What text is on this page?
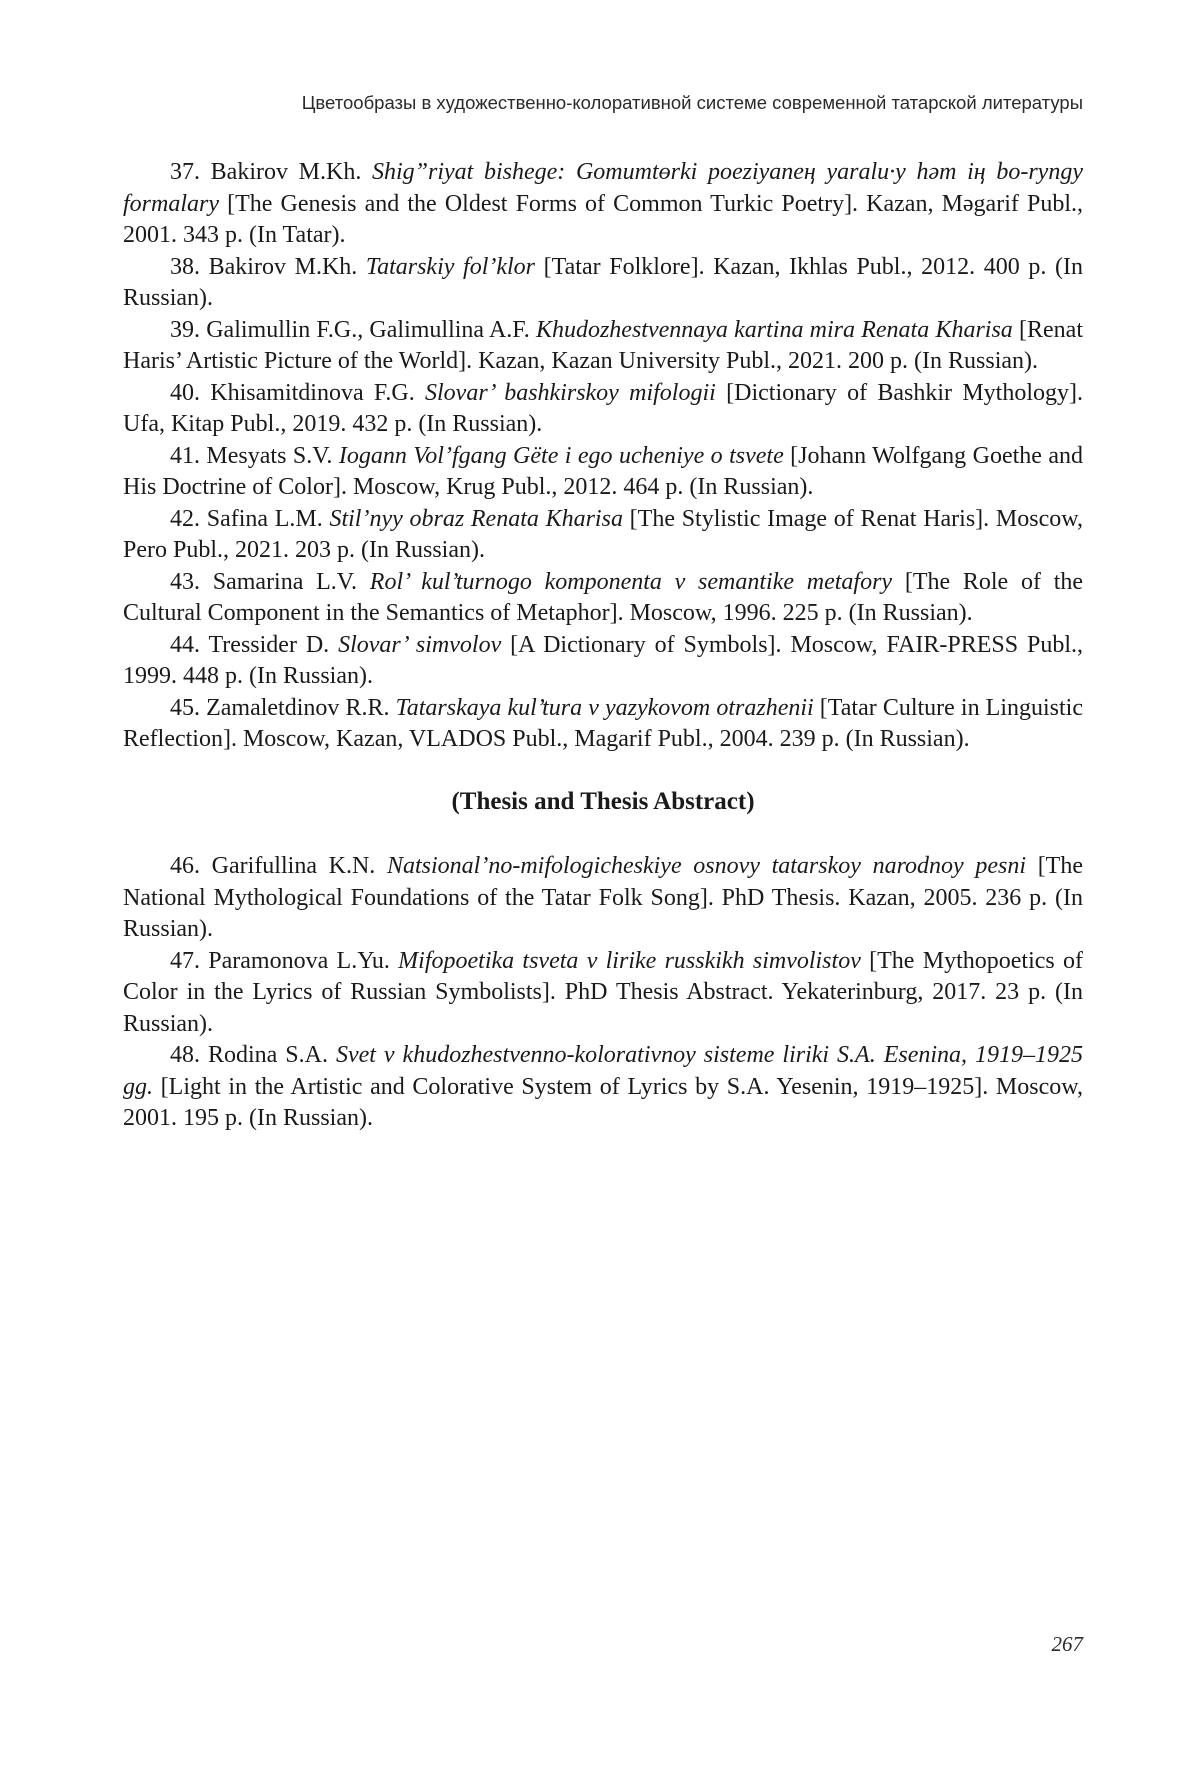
Цветообразы в художественно-колоративной системе современной татарской литературы

37. Bakirov M.Kh. Shig”riyat bishege: Gomumtөrki poeziyanең yaralu·y hәm iң bo-ryngy formalary [The Genesis and the Oldest Forms of Common Turkic Poetry]. Kazan, Mәgarif Publ., 2001. 343 p. (In Tatar).

38. Bakirov M.Kh. Tatarskiy fol’klor [Tatar Folklore]. Kazan, Ikhlas Publ., 2012. 400 p. (In Russian).

39. Galimullin F.G., Galimullina A.F. Khudozhestvennaya kartina mira Renata Kharisa [Renat Haris’ Artistic Picture of the World]. Kazan, Kazan University Publ., 2021. 200 p. (In Russian).

40. Khisamitdinova F.G. Slovar’ bashkirskoy mifologii [Dictionary of Bashkir Mythology]. Ufa, Kitap Publ., 2019. 432 p. (In Russian).

41. Mesyats S.V. Iogann Vol’fgang Gëte i ego ucheniye o tsvete [Johann Wolfgang Goethe and His Doctrine of Color]. Moscow, Krug Publ., 2012. 464 p. (In Russian).

42. Safina L.M. Stil’nyy obraz Renata Kharisa [The Stylistic Image of Renat Haris]. Moscow, Pero Publ., 2021. 203 p. (In Russian).

43. Samarina L.V. Rol’ kul’turnogo komponenta v semantike metafory [The Role of the Cultural Component in the Semantics of Metaphor]. Moscow, 1996. 225 p. (In Russian).

44. Tressider D. Slovar’ simvolov [A Dictionary of Symbols]. Moscow, FAIR-PRESS Publ., 1999. 448 p. (In Russian).

45. Zamaletdinov R.R. Tatarskaya kul’tura v yazykovom otrazhenii [Tatar Culture in Linguistic Reflection]. Moscow, Kazan, VLADOS Publ., Magarif Publ., 2004. 239 p. (In Russian).

(Thesis and Thesis Abstract)

46. Garifullina K.N. Natsional’no-mifologicheskiye osnovy tatarskoy narodnoy pesni [The National Mythological Foundations of the Tatar Folk Song]. PhD Thesis. Kazan, 2005. 236 p. (In Russian).

47. Paramonova L.Yu. Mifopoetika tsveta v lirike russkikh simvolistov [The Mythopoetics of Color in the Lyrics of Russian Symbolists]. PhD Thesis Abstract. Yekaterinburg, 2017. 23 p. (In Russian).

48. Rodina S.A. Svet v khudozhestvenno-kolorativnoy sisteme liriki S.A. Esenina, 1919–1925 gg. [Light in the Artistic and Colorative System of Lyrics by S.A. Yesenin, 1919–1925]. Moscow, 2001. 195 p. (In Russian).

267
